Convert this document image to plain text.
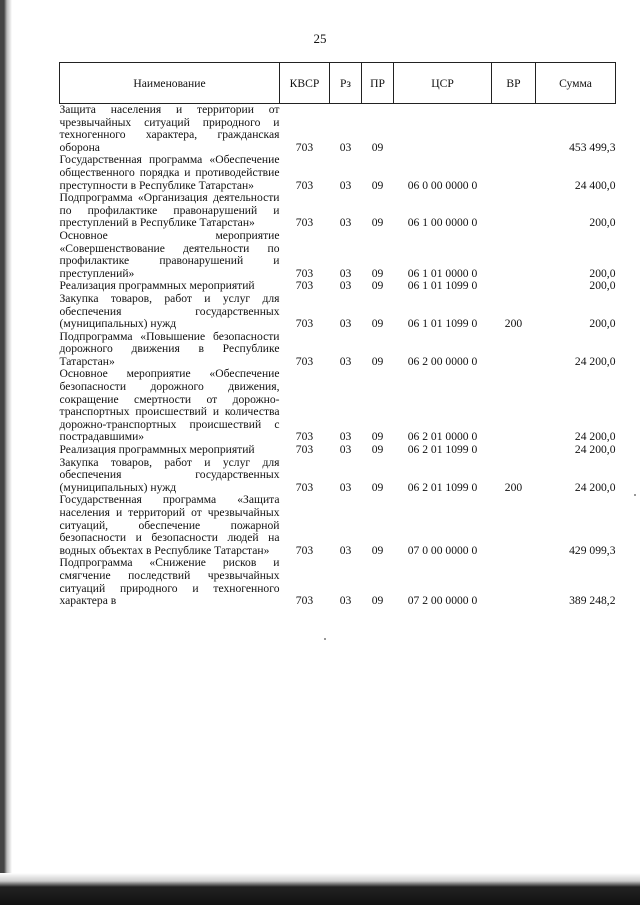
25
Наименование	КВСР	Рз	ПР	ЦСР	ВР	Сумма
Защита населения и территории от чрезвычайных ситуаций природного и техногенного характера, гражданская оборона	703	03	09			453 499,3
Государственная программа «Обеспечение общественного порядка и противодействие преступности в Республике Татарстан»	703	03	09	06 0 00 0000 0		24 400,0
Подпрограмма «Организация деятельности по профилактике правонарушений и преступлений в Республике Татарстан»	703	03	09	06 1 00 0000 0		200,0
Основное мероприятие «Совершенствование деятельности по профилактике правонарушений и преступлений»	703	03	09	06 1 01 0000 0		200,0
Реализация программных мероприятий	703	03	09	06 1 01 1099 0		200,0
Закупка товаров, работ и услуг для обеспечения государственных (муниципальных) нужд	703	03	09	06 1 01 1099 0	200	200,0
Подпрограмма «Повышение безопасности дорожного движения в Республике Татарстан»	703	03	09	06 2 00 0000 0		24 200,0
Основное мероприятие «Обеспечение безопасности дорожного движения, сокращение смертности от дорожно-транспортных происшествий и количества дорожно-транспортных происшествий с пострадавшими»	703	03	09	06 2 01 0000 0		24 200,0
Реализация программных мероприятий	703	03	09	06 2 01 1099 0		24 200,0
Закупка товаров, работ и услуг для обеспечения государственных (муниципальных) нужд	703	03	09	06 2 01 1099 0	200	24 200,0
Государственная программа «Защита населения и территорий от чрезвычайных ситуаций, обеспечение пожарной безопасности и безопасности людей на водных объектах в Республике Татарстан»	703	03	09	07 0 00 0000 0		429 099,3
Подпрограмма «Снижение рисков и смягчение последствий чрезвычайных ситуаций природного и техногенного характера в	703	03	09	07 2 00 0000 0		389 248,2
